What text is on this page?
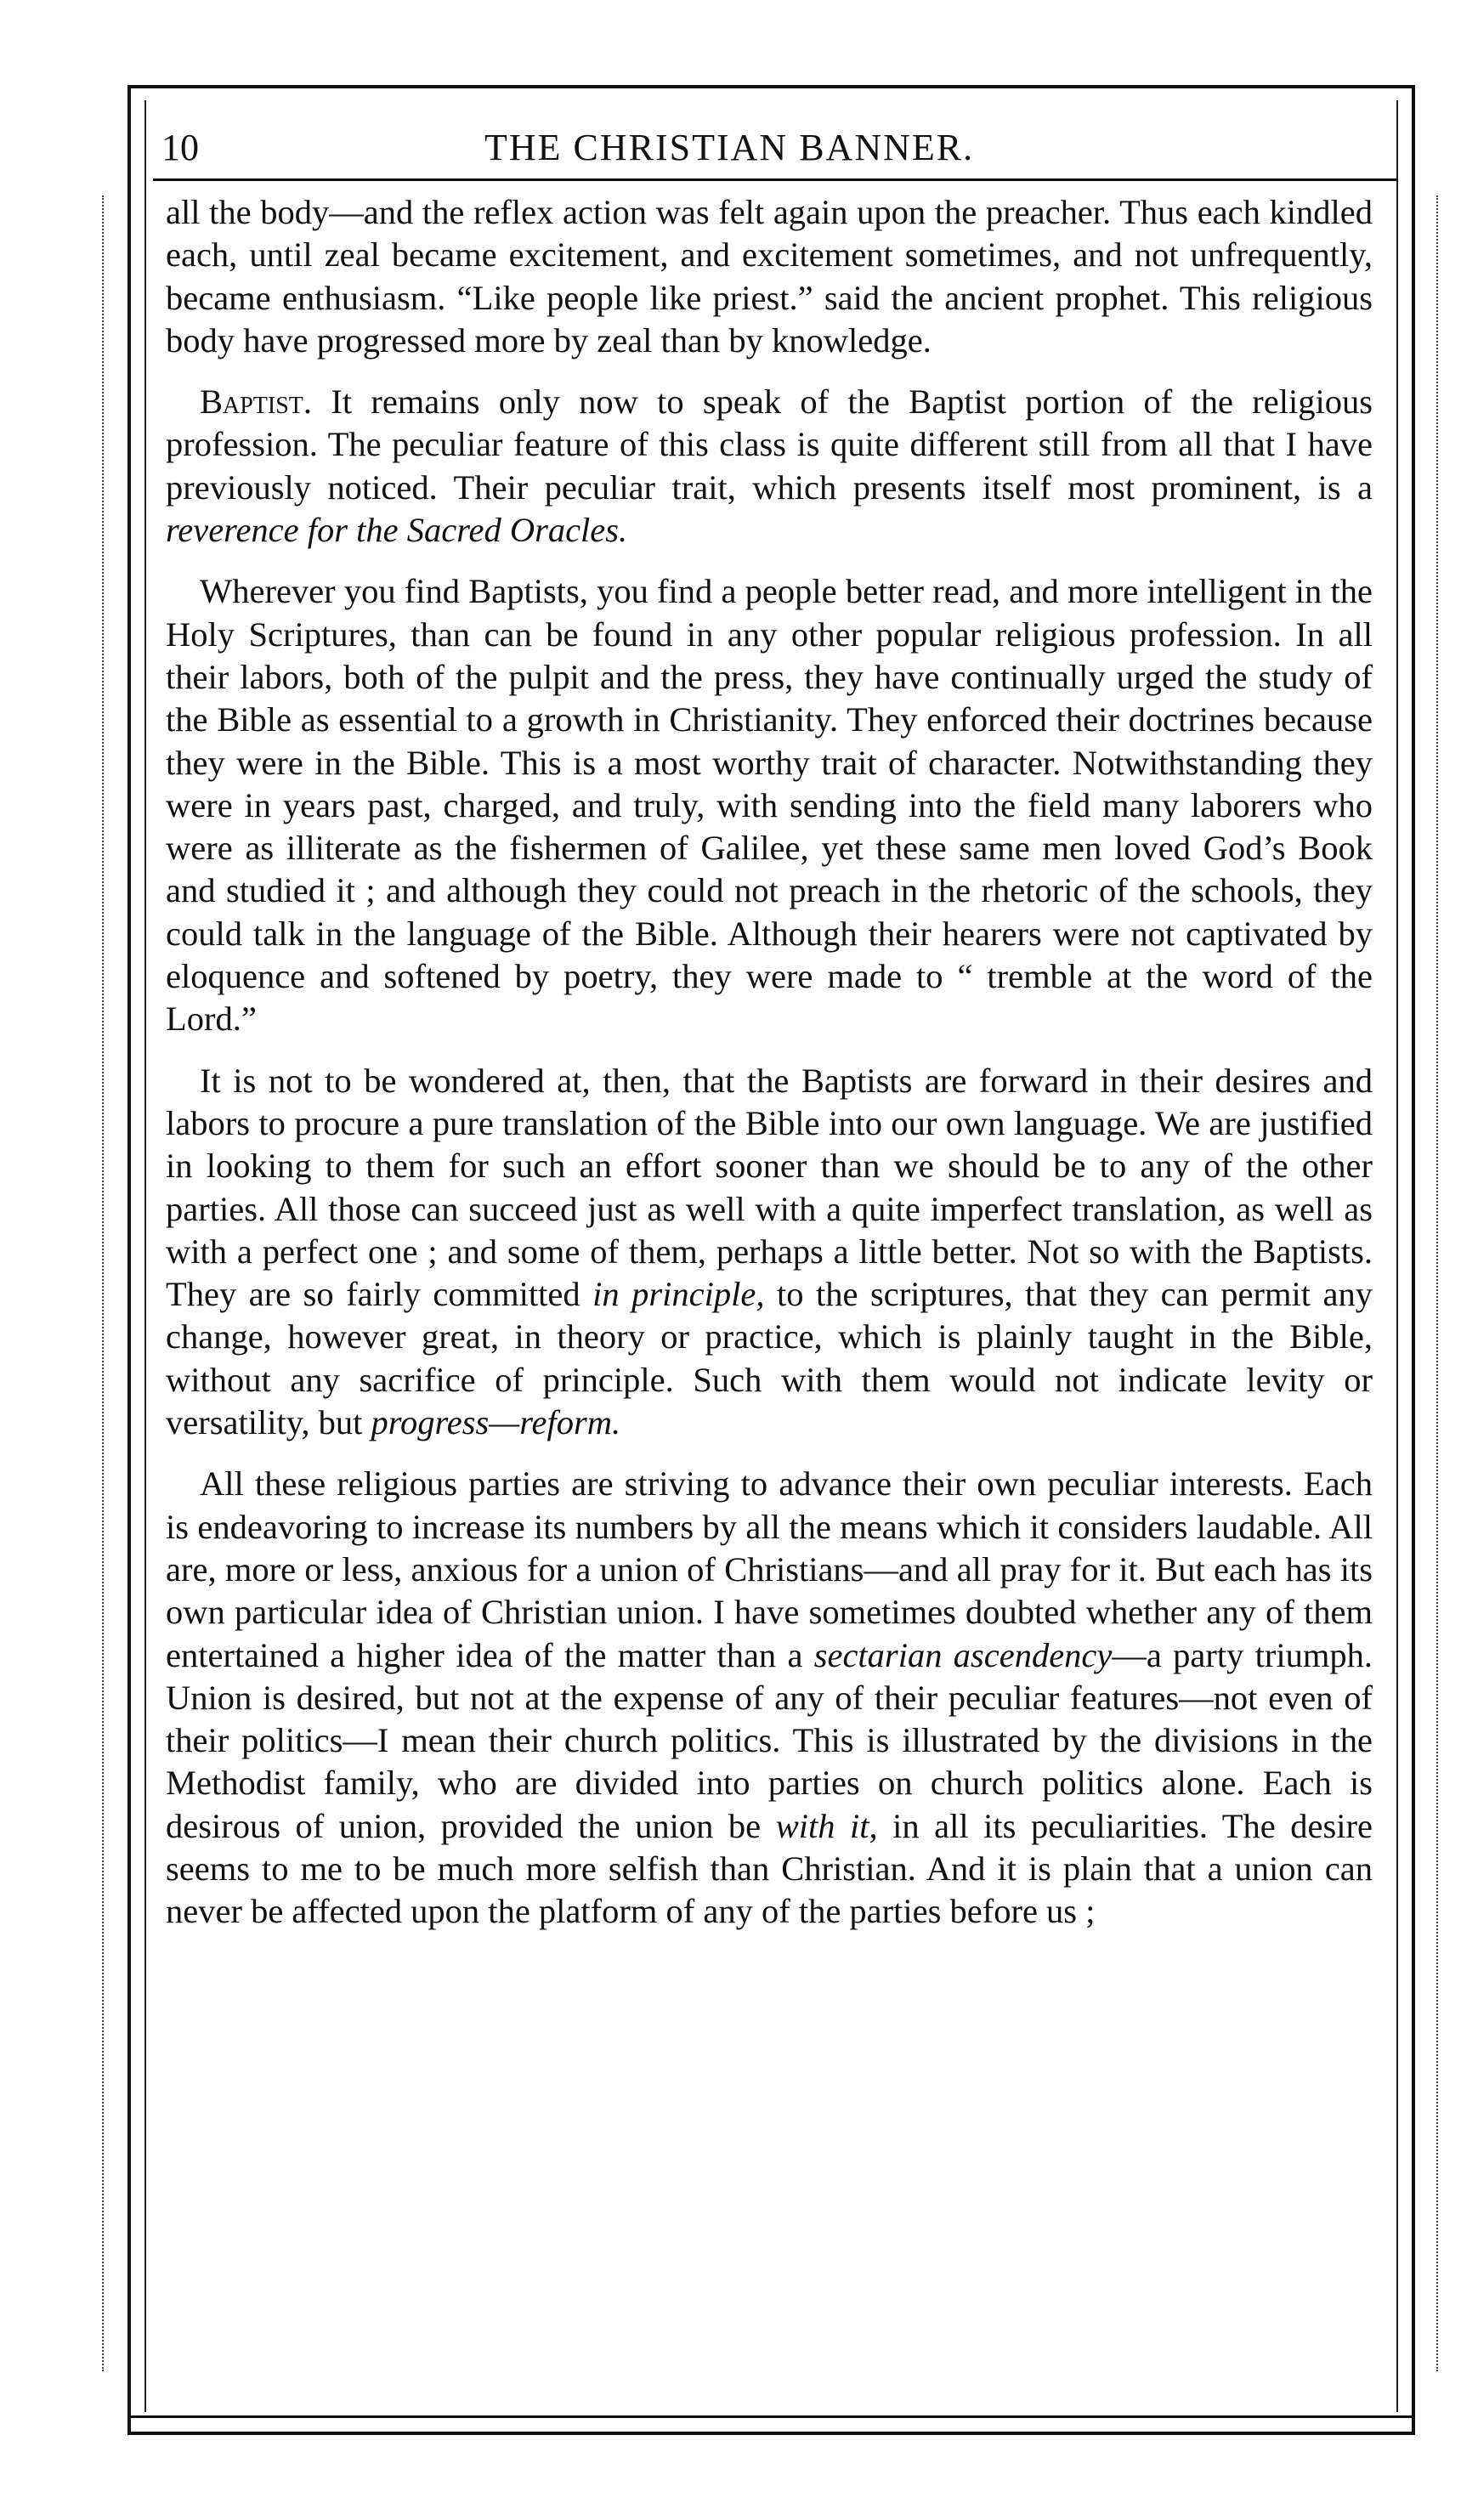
10	THE CHRISTIAN BANNER.

all the body—and the reflex action was felt again upon the preacher. Thus each kindled each, until zeal became excitement, and excitement sometimes, and not unfrequently, became enthusiasm. “Like people like priest.” said the ancient prophet. This religious body have progressed more by zeal than by knowledge.

Baptist. It remains only now to speak of the Baptist portion of the religious profession. The peculiar feature of this class is quite different still from all that I have previously noticed. Their peculiar trait, which presents itself most prominent, is a reverence for the Sacred Oracles.

Wherever you find Baptists, you find a people better read, and more intelligent in the Holy Scriptures, than can be found in any other popular religious profession. In all their labors, both of the pulpit and the press, they have continually urged the study of the Bible as essential to a growth in Christianity. They enforced their doctrines because they were in the Bible. This is a most worthy trait of character. Notwithstanding they were in years past, charged, and truly, with sending into the field many laborers who were as illiterate as the fishermen of Galilee, yet these same men loved God’s Book and studied it ; and although they could not preach in the rhetoric of the schools, they could talk in the language of the Bible. Although their hearers were not captivated by eloquence and softened by poetry, they were made to “ tremble at the word of the Lord.”

It is not to be wondered at, then, that the Baptists are forward in their desires and labors to procure a pure translation of the Bible into our own language. We are justified in looking to them for such an effort sooner than we should be to any of the other parties. All those can succeed just as well with a quite imperfect translation, as well as with a perfect one ; and some of them, perhaps a little better. Not so with the Baptists. They are so fairly committed in principle, to the scriptures, that they can permit any change, however great, in theory or practice, which is plainly taught in the Bible, without any sacrifice of principle. Such with them would not indicate levity or versatility, but progress—reform.

All these religious parties are striving to advance their own peculiar interests. Each is endeavoring to increase its numbers by all the means which it considers laudable. All are, more or less, anxious for a union of Christians—and all pray for it. But each has its own particular idea of Christian union. I have sometimes doubted whether any of them entertained a higher idea of the matter than a sectarian ascendency—a party triumph. Union is desired, but not at the expense of any of their peculiar features—not even of their politics—I mean their church politics. This is illustrated by the divisions in the Methodist family, who are divided into parties on church politics alone. Each is desirous of union, provided the union be with it, in all its peculiarities. The desire seems to me to be much more selfish than Christian. And it is plain that a union can never be affected upon the platform of any of the parties before us ;
